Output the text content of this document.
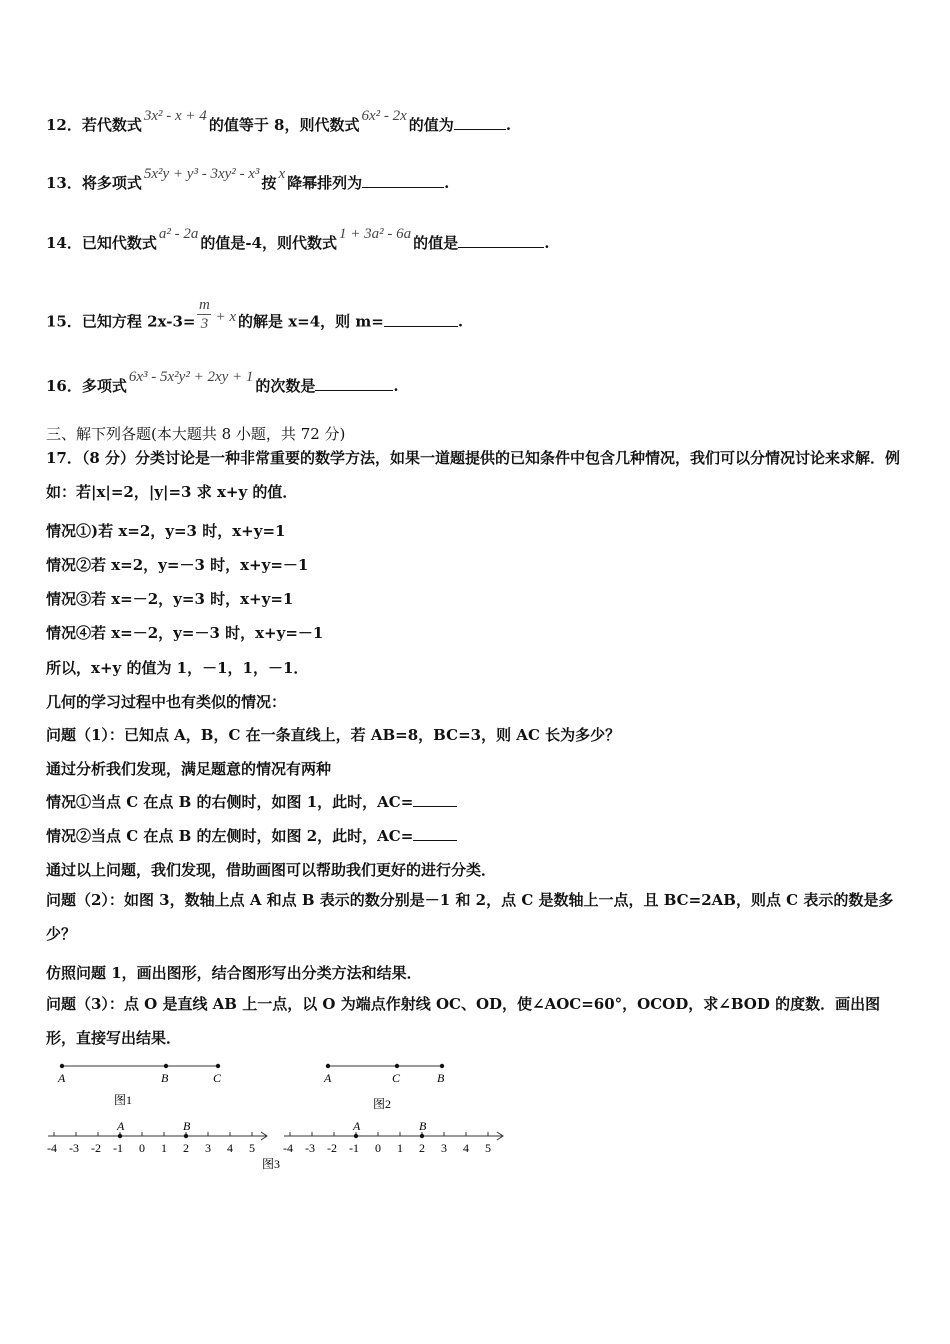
12．若代数式 3x² - x + 4 的值等于 8，则代数式 6x² - 2x 的值为	.
13．将多项式 5x²y + y³ - 3xy² - x³ 按 x 降幂排列为	.
14．已知代数式 a² - 2a 的值是-4，则代数式 1 + 3a² - 6a 的值是	.
15．已知方程 $2x-3= \frac{m}{3} + x$ 的解是 x=4，则 m=	.
16．多项式 6x³ - 5x²y² + 2xy + 1 的次数是	.
三、解下列各题(本大题共 8 小题，共 72 分)
17．（8 分）分类讨论是一种非常重要的数学方法，如果一道题提供的已知条件中包含几种情况，我们可以分情况讨论来求解．例如：若|x|=2，|y|=3 求 x+y 的值．
情况①)若 x=2，y=3 时，x+y=1
情况②若 x=2，y=－3 时，x+y=－1
情况③若 x=－2，y=3 时，x+y=1
情况④若 x=－2，y=－3 时，x+y=－1
所以，x+y 的值为 1，－1，1，－1．
几何的学习过程中也有类似的情况：
问题（1）：已知点 A，B，C 在一条直线上，若 AB=8，BC=3，则 AC 长为多少？
通过分析我们发现，满足题意的情况有两种
情况①当点 C 在点 B 的右侧时，如图 1，此时，AC=
情况②当点 C 在点 B 的左侧时，如图 2，此时，AC=
通过以上问题，我们发现，借助画图可以帮助我们更好的进行分类．
问题（2）：如图 3，数轴上点 A 和点 B 表示的数分别是－1 和 2，点 C 是数轴上一点，且 BC=2AB，则点 C 表示的数是多少？
仿照问题 1，画出图形，结合图形写出分类方法和结果．
问题（3）：点 O 是直线 AB 上一点，以 O 为端点作射线 OC、OD，使∠AOC=60°，OCOD，求∠BOD 的度数．画出图形，直接写出结果．
A	B	C
图1
A	C	B
图2
-4 -3 -2 -1 0 1 2 3 4 5
A	B
-4 -3 -2 -1 0 1 2 3 4 5
A	B
图3
